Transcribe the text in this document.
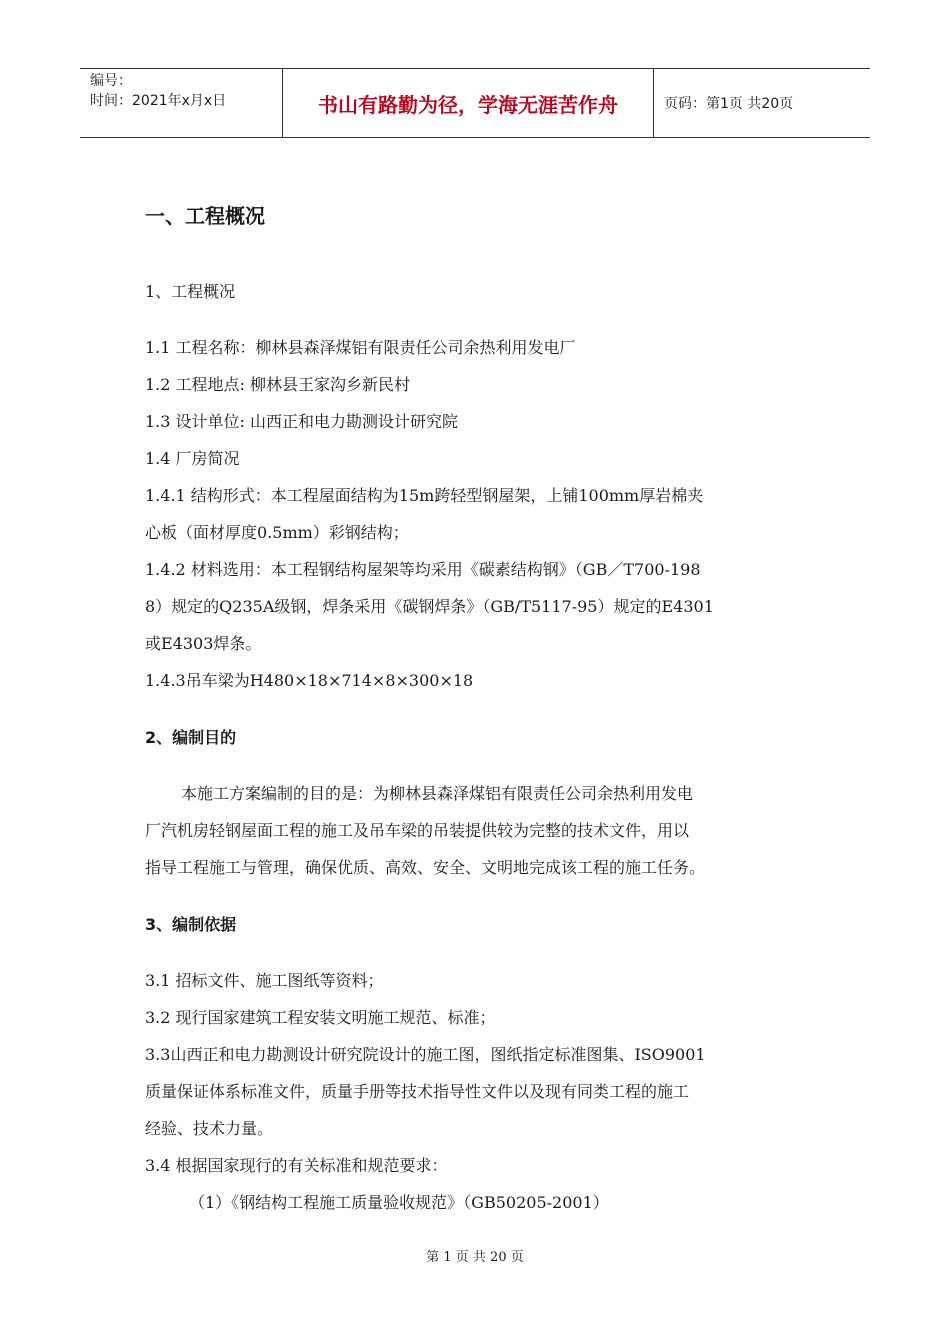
编号：
时间：2021年x月x日	书山有路勤为径，学海无涯苦作舟	页码：第1页 共20页
一、工程概况
1、工程概况
1.1 工程名称：柳林县森泽煤铝有限责任公司余热利用发电厂
1.2 工程地点: 柳林县王家沟乡新民村
1.3 设计单位: 山西正和电力勘测设计研究院
1.4 厂房简况
1.4.1 结构形式：本工程屋面结构为15m跨轻型钢屋架，上铺100mm厚岩棉夹
心板（面材厚度0.5mm）彩钢结构；
1.4.2 材料选用：本工程钢结构屋架等均采用《碳素结构钢》（GB／T700-198
8）规定的Q235A级钢，焊条采用《碳钢焊条》（GB/T5117-95）规定的E4301
或E4303焊条。
1.4.3吊车梁为H480×18×714×8×300×18
2、编制目的
本施工方案编制的目的是：为柳林县森泽煤铝有限责任公司余热利用发电
厂汽机房轻钢屋面工程的施工及吊车梁的吊装提供较为完整的技术文件，用以
指导工程施工与管理，确保优质、高效、安全、文明地完成该工程的施工任务。
3、编制依据
3.1 招标文件、施工图纸等资料；
3.2 现行国家建筑工程安装文明施工规范、标准；
3.3山西正和电力勘测设计研究院设计的施工图，图纸指定标准图集、ISO9001
质量保证体系标准文件，质量手册等技术指导性文件以及现有同类工程的施工
经验、技术力量。
3.4 根据国家现行的有关标准和规范要求：
（1）《钢结构工程施工质量验收规范》（GB50205-2001）
第 1 页 共 20 页
